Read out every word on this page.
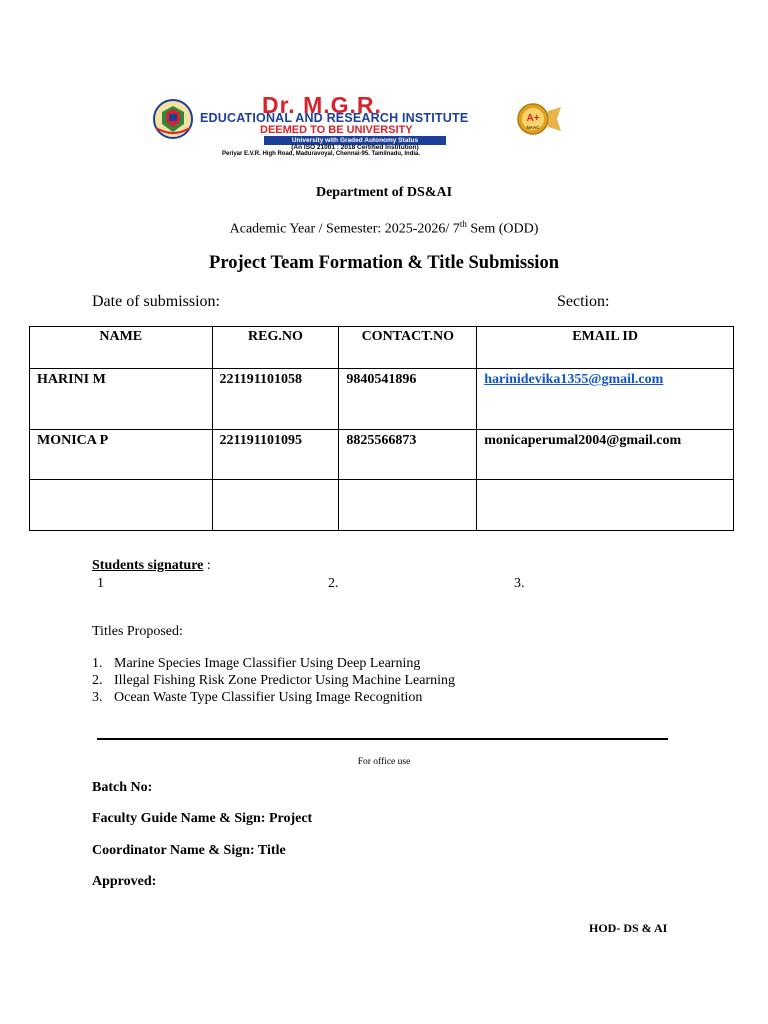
Dr. M.G.R.
EDUCATIONAL AND RESEARCH INSTITUTE
DEEMED TO BE UNIVERSITY
University with Graded Autonomy Status
(An ISO 21001 : 2018 Certified Institution)
Periyar E.V.R. High Road, Maduravoyal, Chennai-95. Tamilnadu, India.
A+
NAAC
Department of DS&AI
Academic Year / Semester: 2025-2026/ 7th Sem (ODD)
Project Team Formation & Title Submission
Date of submission:	Section:
NAME	REG.NO	CONTACT.NO	EMAIL ID
HARINI M	221191101058	9840541896	harinidevika1355@gmail.com
MONICA P	221191101095	8825566873	monicaperumal2004@gmail.com

Students signature :
1	2.	3.
Titles Proposed:
1. Marine Species Image Classifier Using Deep Learning
2. Illegal Fishing Risk Zone Predictor Using Machine Learning
3. Ocean Waste Type Classifier Using Image Recognition
For office use
Batch No:
Faculty Guide Name & Sign: Project
Coordinator Name & Sign: Title
Approved:
HOD- DS & AI
